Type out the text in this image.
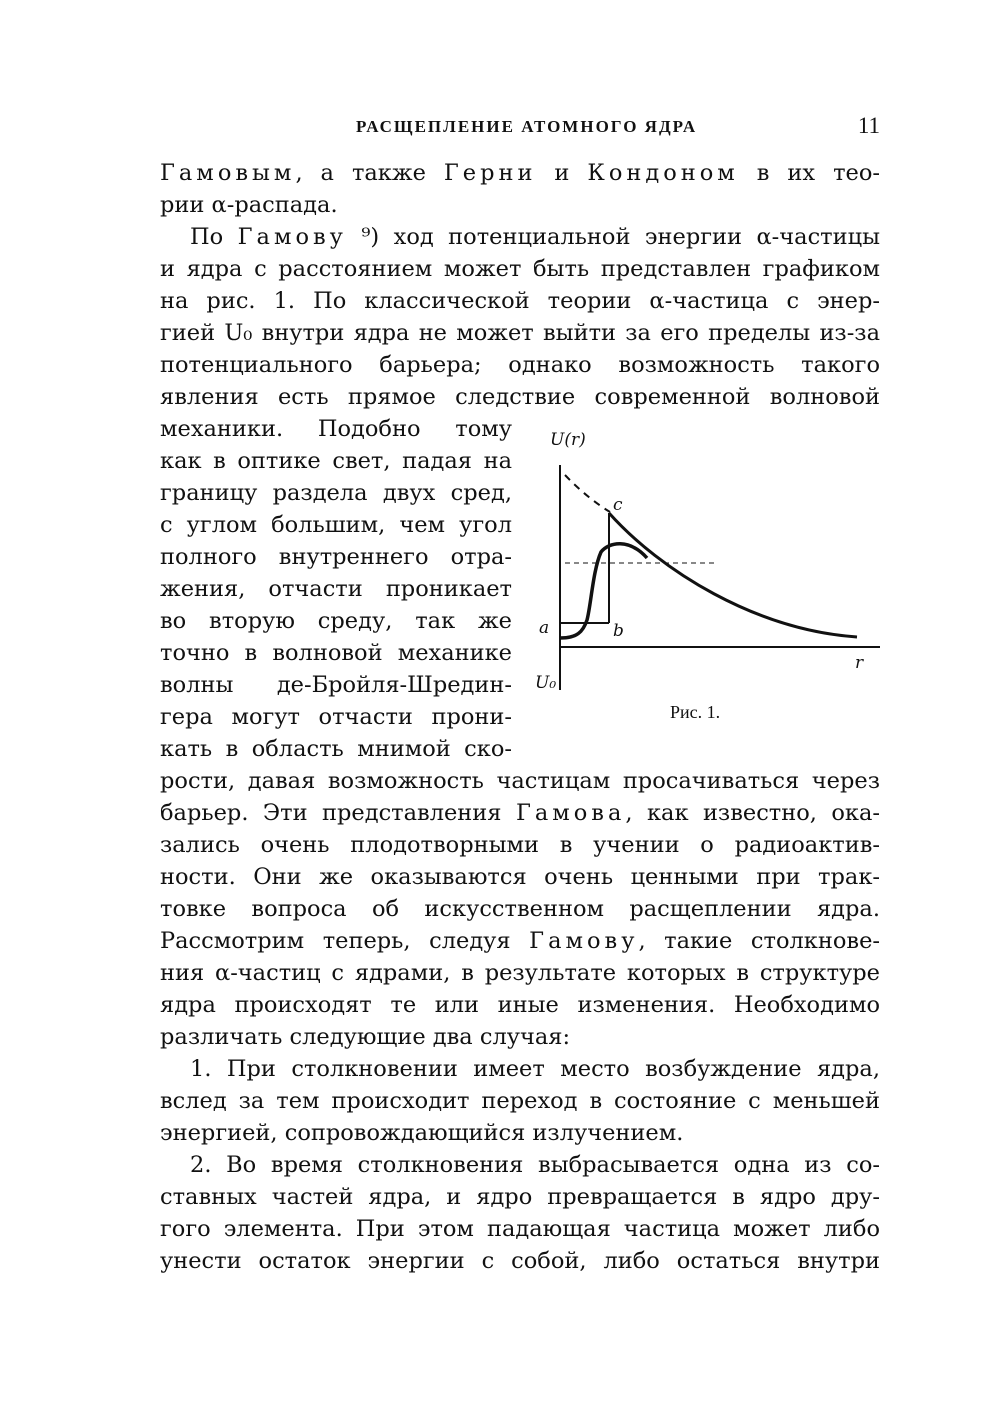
РАСЩЕПЛЕНИЕ АТОМНОГО ЯДРА	11
Гамовым, а также Герни и Кондоном в их тео-
рии α-распада.
По Гамову ⁹) ход потенциальной энергии α-частицы
и ядра с расстоянием может быть представлен графиком
на рис. 1. По классической теории α-частица с энер-
гией U₀ внутри ядра не может выйти за его пределы из-за
потенциального барьера; однако возможность такого
явления есть прямое следствие современной волновой
механики. Подобно тому
как в оптике свет, падая на
границу раздела двух сред,
с углом большим, чем угол
полного внутреннего отра-
жения, отчасти проникает
во вторую среду, так же
точно в волновой механике
волны де-Бройля-Шредин-
гера могут отчасти прони-
кать в область мнимой ско-
рости, давая возможность частицам просачиваться через
барьер. Эти представления Гамова, как известно, ока-
зались очень плодотворными в учении о радиоактив-
ности. Они же оказываются очень ценными при трак-
товке вопроса об искусственном расщеплении ядра.
Рассмотрим теперь, следуя Гамову, такие столкнове-
ния α-частиц с ядрами, в результате которых в структуре
ядра происходят те или иные изменения. Необходимо
различать следующие два случая:
1. При столкновении имеет место возбуждение ядра,
вслед за тем происходит переход в состояние с меньшей
энергией, сопровождающийся излучением.
2. Во время столкновения выбрасывается одна из со-
ставных частей ядра, и ядро превращается в ядро дру-
гого элемента. При этом падающая частица может либо
унести остаток энергии с собой, либо остаться внутри
U(r)
c
a	b
r
U₀
Рис. 1.
